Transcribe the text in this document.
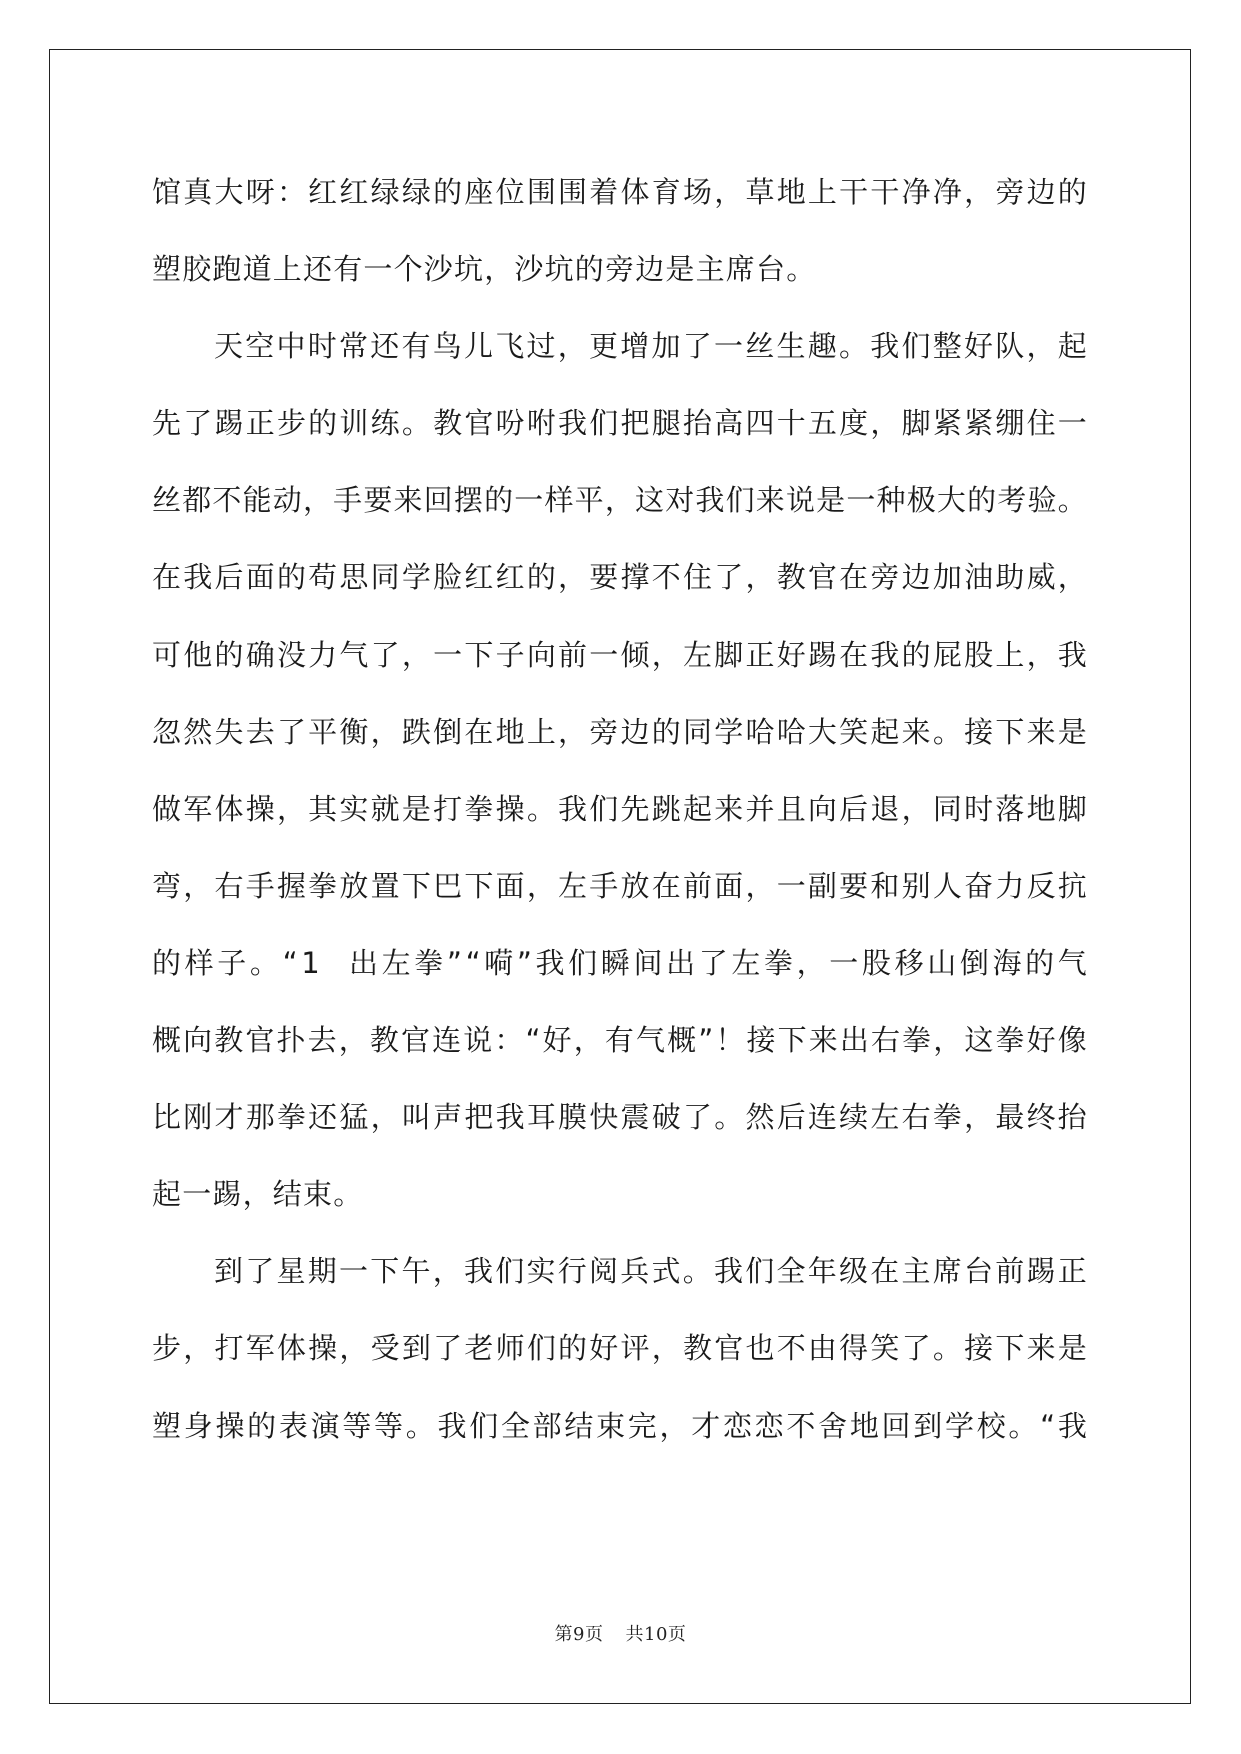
馆 真 大 呀 ： 红 红 绿 绿 的 座 位 围 围 着 体 育 场 ， 草 地 上 干 干 净 净 ， 旁 边 的
塑胶跑道上还有一个沙坑，沙坑的旁边是主席台。
天 空 中 时 常 还 有 鸟 儿 飞 过 ， 更 增 加 了 一 丝 生 趣 。 我 们 整 好 队 ， 起
先 了 踢 正 步 的 训 练 。 教 官 吩 咐 我 们 把 腿 抬 高 四 十 五 度 ， 脚 紧 紧 绷 住 一
丝 都 不 能 动 ， 手 要 来 回 摆 的 一 样 平 ， 这 对 我 们 来 说 是 一 种 极 大 的 考 验 。
在 我 后 面 的 苟 思 同 学 脸 红 红 的 ， 要 撑 不 住 了 ， 教 官 在 旁 边 加 油 助 威 ，
可 他 的 确 没 力 气 了 ， 一 下 子 向 前 一 倾 ， 左 脚 正 好 踢 在 我 的 屁 股 上 ， 我
忽 然 失 去 了 平 衡 ， 跌 倒 在 地 上 ， 旁 边 的 同 学 哈 哈 大 笑 起 来 。 接 下 来 是
做 军 体 操 ， 其 实 就 是 打 拳 操 。 我 们 先 跳 起 来 并 且 向 后 退 ， 同 时 落 地 脚
弯 ， 右 手 握 拳 放 置 下 巴 下 面 ， 左 手 放 在 前 面 ， 一 副 要 和 别 人 奋 力 反 抗
的 样 子 。 “ 1

出 左 拳 ” “ 嗬 ” 我 们 瞬 间 出 了 左 拳 ， 一 股 移 山 倒 海 的 气
概 向 教 官 扑 去 ， 教 官 连 说 ： “ 好 ， 有 气 概 ” ！ 接 下 来 出 右 拳 ， 这 拳 好 像
比 刚 才 那 拳 还 猛 ， 叫 声 把 我 耳 膜 快 震 破 了 。 然 后 连 续 左 右 拳 ， 最 终 抬
起一踢，结束。
到 了 星 期 一 下 午 ， 我 们 实 行 阅 兵 式 。 我 们 全 年 级 在 主 席 台 前 踢 正
步 ， 打 军 体 操 ， 受 到 了 老 师 们 的 好 评 ， 教 官 也 不 由 得 笑 了 。 接 下 来 是
塑 身 操 的 表 演 等 等 。 我 们 全 部 结 束 完 ， 才 恋 恋 不 舍 地 回 到 学 校 。 “ 我
第9页 共10页
